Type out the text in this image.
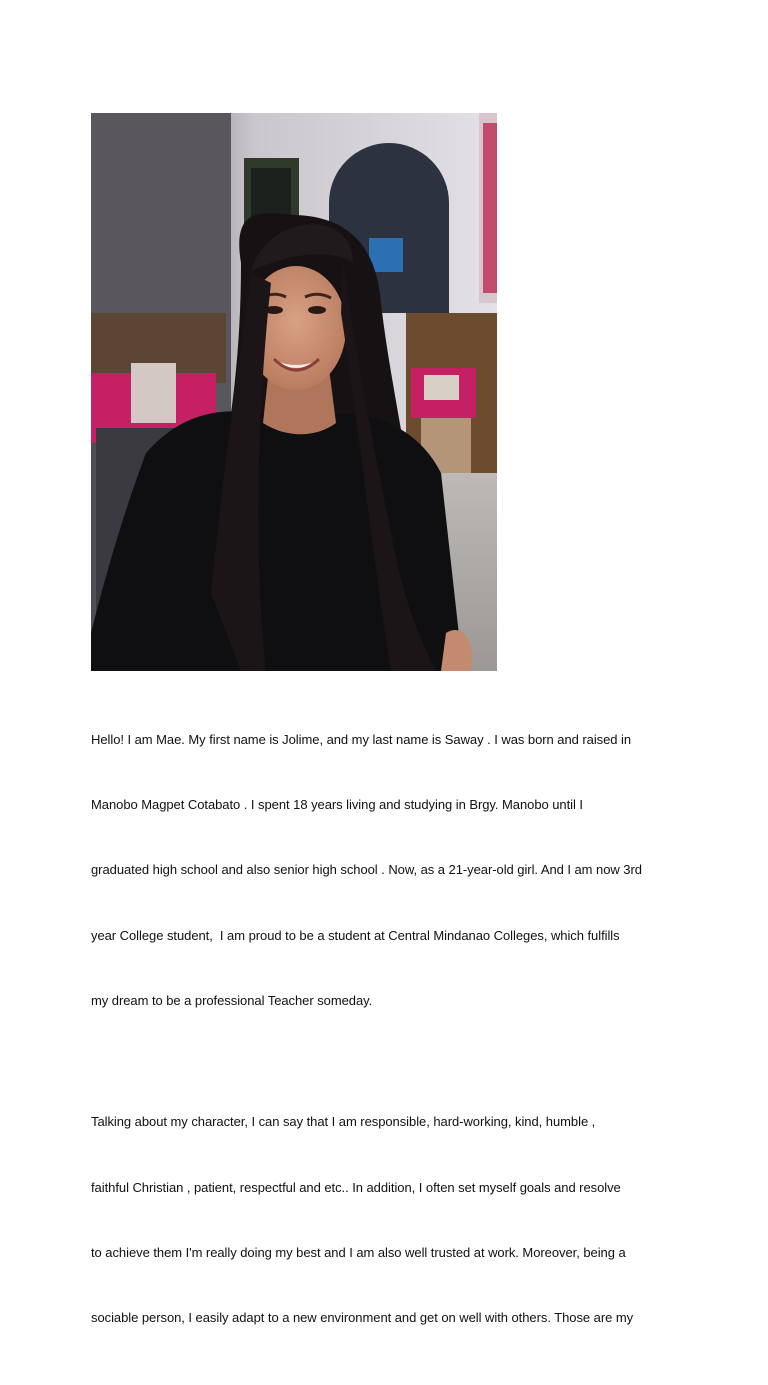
Hello! I am Mae. My first name is Jolime, and my last name is Saway . I was born and raised in

Manobo Magpet Cotabato . I spent 18 years living and studying in Brgy. Manobo until I

graduated high school and also senior high school . Now, as a 21-year-old girl. And I am now 3rd

year College student,  I am proud to be a student at Central Mindanao Colleges, which fulfills

my dream to be a professional Teacher someday.

Talking about my character, I can say that I am responsible, hard-working, kind, humble ,

faithful Christian , patient, respectful and etc.. In addition, I often set myself goals and resolve

to achieve them I'm really doing my best and I am also well trusted at work. Moreover, being a

sociable person, I easily adapt to a new environment and get on well with others. Those are my
